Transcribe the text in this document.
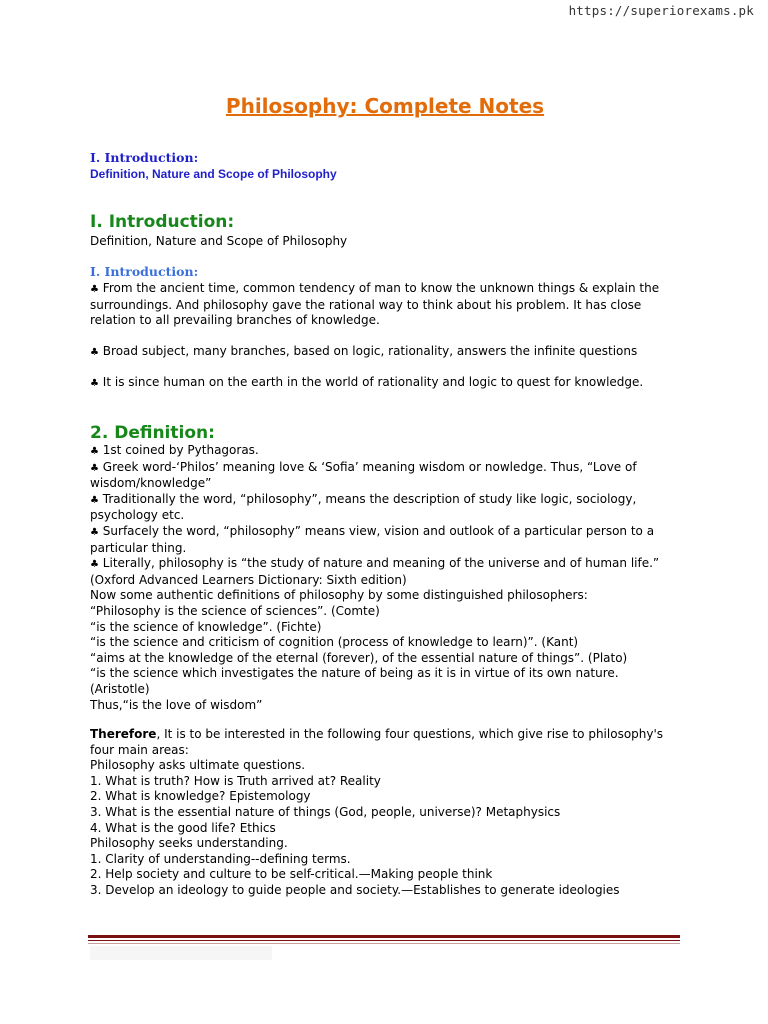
https://superiorexams.pk
Philosophy: Complete Notes
I. Introduction:
Definition, Nature and Scope of Philosophy
I. Introduction:

Definition, Nature and Scope of Philosophy

I. Introduction:

♣ From the ancient time, common tendency of man to know the unknown things & explain the surroundings. And philosophy gave the rational way to think about his problem. It has close relation to all prevailing branches of knowledge.

♣ Broad subject, many branches, based on logic, rationality, answers the infinite questions

♣ It is since human on the earth in the world of rationality and logic to quest for knowledge.

2. Definition:

♣ 1st coined by Pythagoras.

♣ Greek word-‘Philos’ meaning love & ‘Sofia’ meaning wisdom or nowledge. Thus, “Love of wisdom/knowledge”

♣ Traditionally the word, “philosophy”, means the description of study like logic, sociology, psychology etc.

♣ Surfacely the word, “philosophy” means view, vision and outlook of a particular person to a particular thing.

♣ Literally, philosophy is “the study of nature and meaning of the universe and of human life.” (Oxford Advanced Learners Dictionary: Sixth edition)

Now some authentic definitions of philosophy by some distinguished philosophers:

“Philosophy is the science of sciences”. (Comte)

“is the science of knowledge”. (Fichte)

“is the science and criticism of cognition (process of knowledge to learn)”. (Kant)

“aims at the knowledge of the eternal (forever), of the essential nature of things”. (Plato)

“is the science which investigates the nature of being as it is in virtue of its own nature. (Aristotle)

Thus,“is the love of wisdom”

Therefore, It is to be interested in the following four questions, which give rise to philosophy's four main areas:

Philosophy asks ultimate questions.

1. What is truth? How is Truth arrived at? Reality

2. What is knowledge? Epistemology

3. What is the essential nature of things (God, people, universe)? Metaphysics

4. What is the good life? Ethics

Philosophy seeks understanding.

1. Clarity of understanding--defining terms.

2. Help society and culture to be self-critical.—Making people think

3. Develop an ideology to guide people and society.—Establishes to generate ideologies
